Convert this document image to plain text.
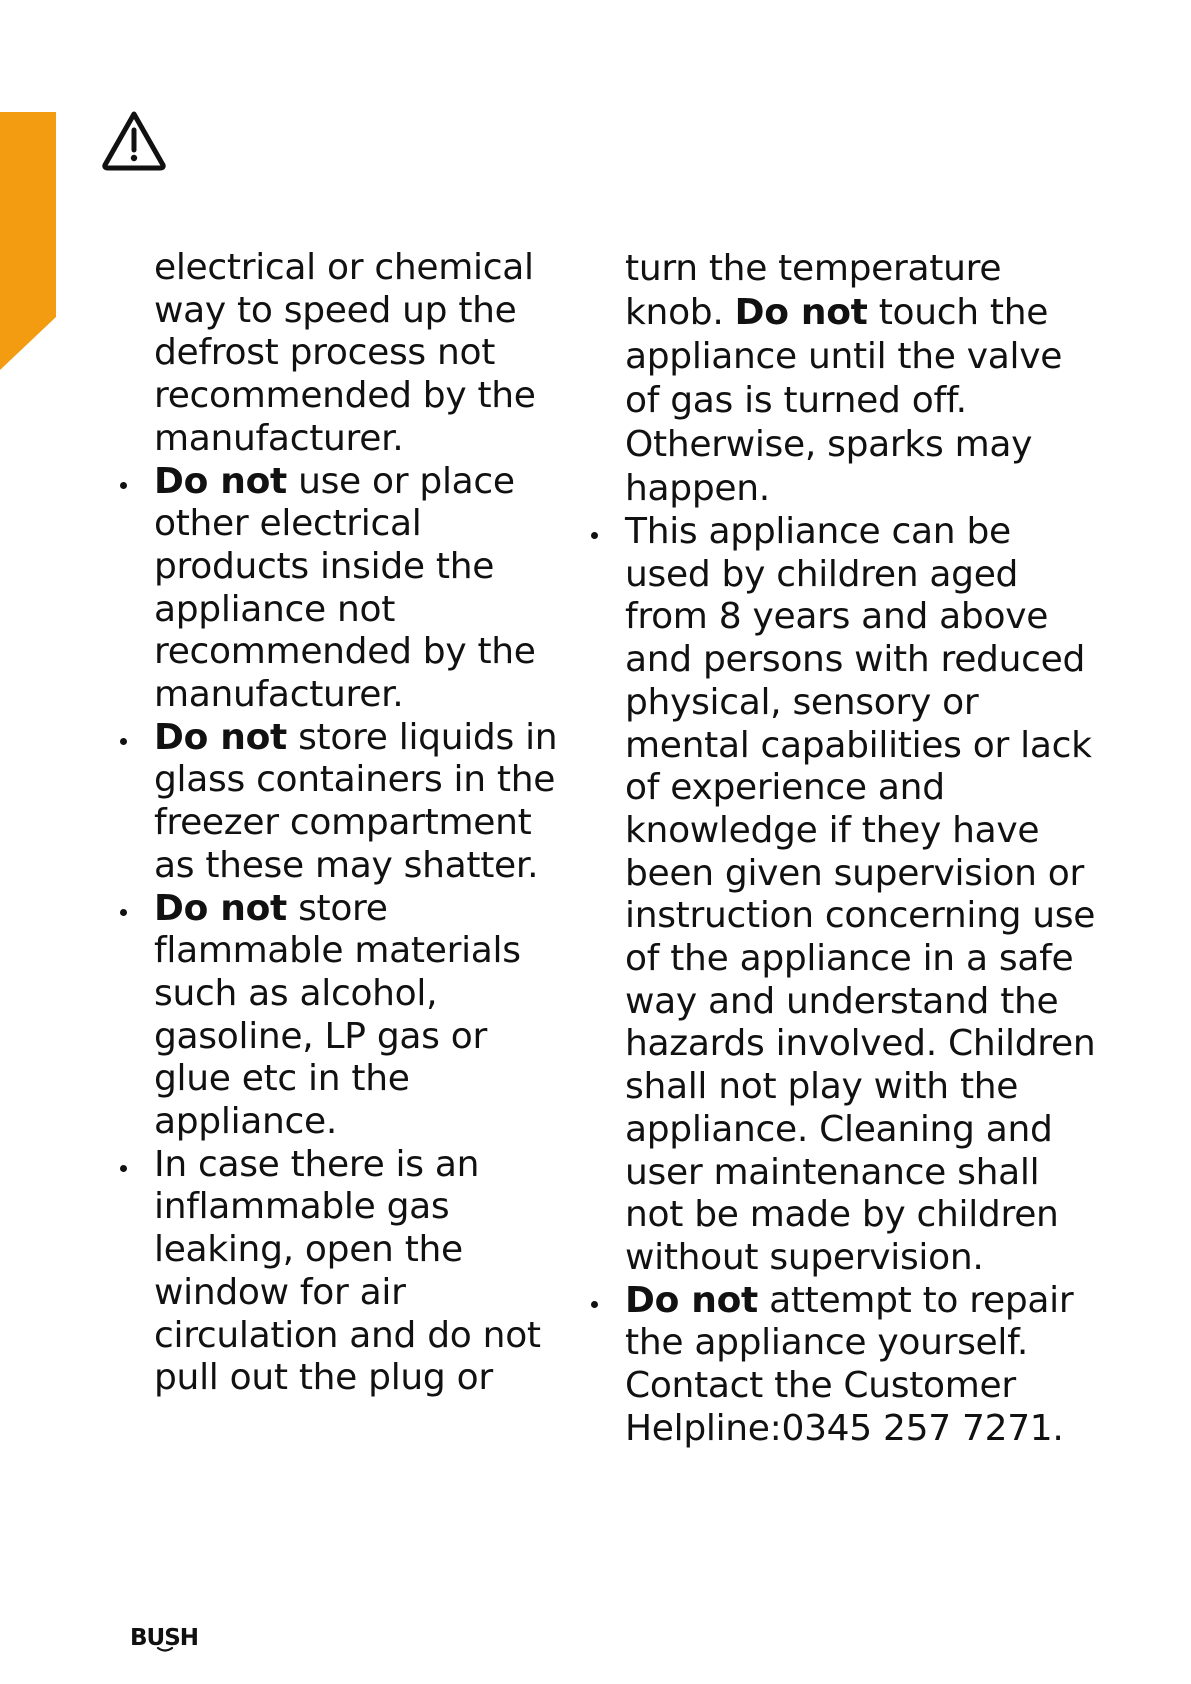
electrical or chemical way to speed up the defrost process not recommended by the manufacturer.

Do not use or place other electrical products inside the appliance not recommended by the manufacturer.
Do not store liquids in glass containers in the freezer compartment as these may shatter.
Do not store flammable materials such as alcohol, gasoline, LP gas or glue etc in the appliance.
In case there is an inflammable gas leaking, open the window for air circulation and do not pull out the plug or

turn the temperature knob. Do not touch the appliance until the valve of gas is turned off. Otherwise, sparks may happen.

This appliance can be used by children aged from 8 years and above and persons with reduced physical, sensory or mental capabilities or lack of experience and knowledge if they have been given supervision or instruction concerning use of the appliance in a safe way and understand the hazards involved. Children shall not play with the appliance. Cleaning and user maintenance shall not be made by children without supervision.
Do not attempt to repair the appliance yourself. Contact the Customer Helpline:0345 257 7271.
BUSH
